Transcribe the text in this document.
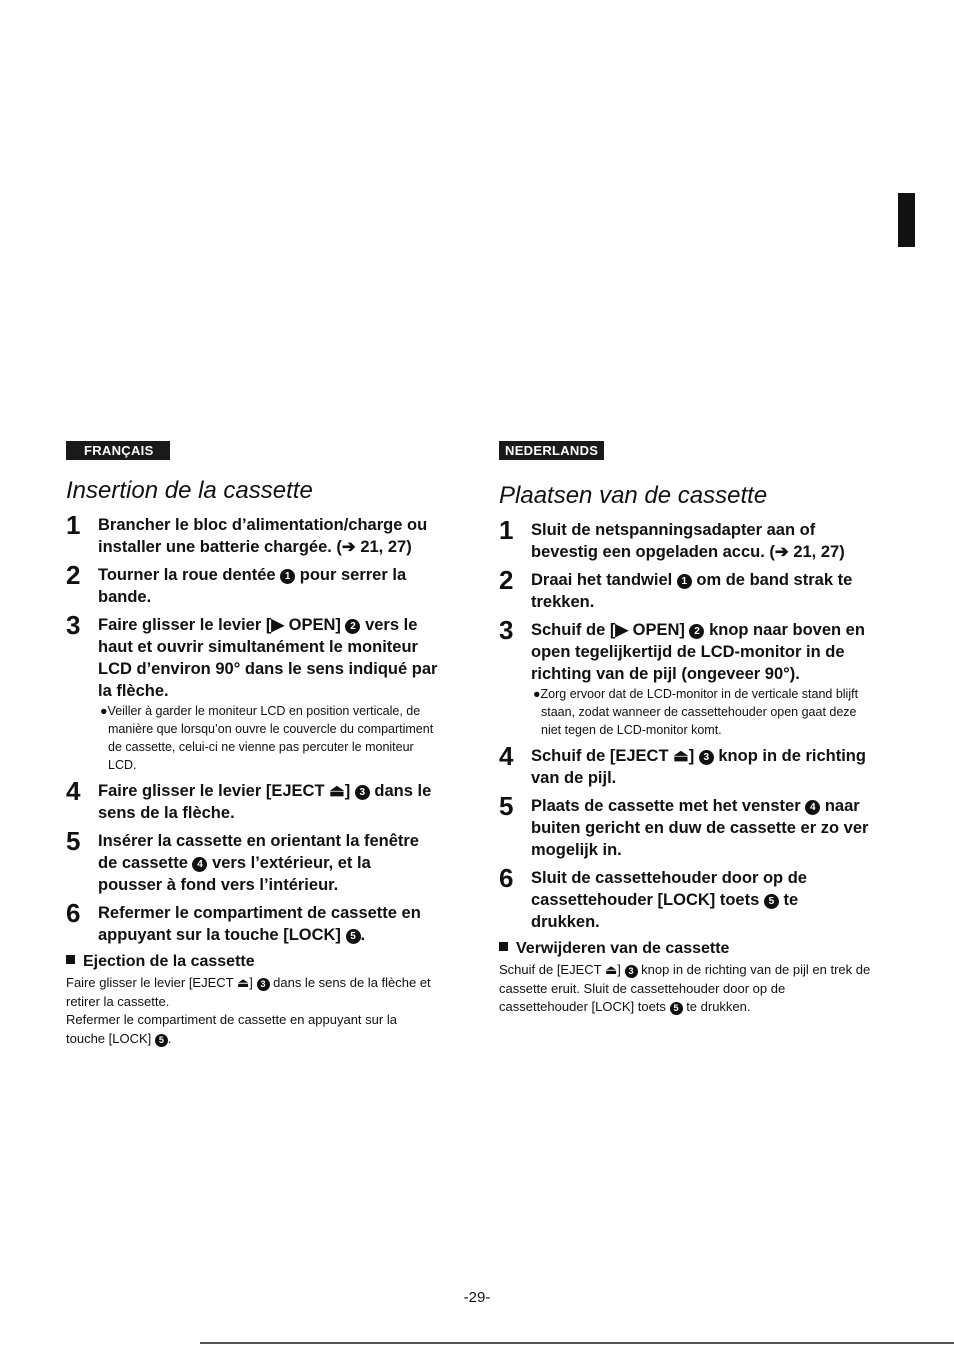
FRANÇAIS
Insertion de la cassette
1 Brancher le bloc d’alimentation/charge ou installer une batterie chargée. (➔ 21, 27)
2 Tourner la roue dentée 1 pour serrer la bande.
3 Faire glisser le levier [▶ OPEN] 2 vers le haut et ouvrir simultanément le moniteur LCD d’environ 90° dans le sens indiqué par la flèche.
●Veiller à garder le moniteur LCD en position verticale, de manière que lorsqu’on ouvre le couvercle du compartiment de cassette, celui-ci ne vienne pas percuter le moniteur LCD.
4 Faire glisser le levier [EJECT ⏏] 3 dans le sens de la flèche.
5 Insérer la cassette en orientant la fenêtre de cassette 4 vers l’extérieur, et la pousser à fond vers l’intérieur.
6 Refermer le compartiment de cassette en appuyant sur la touche [LOCK] 5 .
Ejection de la cassette

Faire glisser le levier [EJECT ⏏] 3 dans le sens de la flèche et retirer la cassette.
Refermer le compartiment de cassette en appuyant sur la touche [LOCK] 5 .

NEDERLANDS
Plaatsen van de cassette
1 Sluit de netspanningsadapter aan of bevestig een opgeladen accu. (➔ 21, 27)
2 Draai het tandwiel 1 om de band strak te trekken.
3 Schuif de [▶ OPEN] 2 knop naar boven en open tegelijkertijd de LCD-monitor in de richting van de pijl (ongeveer 90°).
●Zorg ervoor dat de LCD-monitor in de verticale stand blijft staan, zodat wanneer de cassettehouder open gaat deze niet tegen de LCD-monitor komt.
4 Schuif de [EJECT ⏏] 3 knop in de richting van de pijl.
5 Plaats de cassette met het venster 4 naar buiten gericht en duw de cassette er zo ver mogelijk in.
6 Sluit de cassettehouder door op de cassettehouder [LOCK] toets 5 te drukken.
Verwijderen van de cassette

Schuif de [EJECT ⏏] 3 knop in de richting van de pijl en trek de cassette eruit. Sluit de cassettehouder door op de cassettehouder [LOCK] toets 5 te drukken.

-29-
